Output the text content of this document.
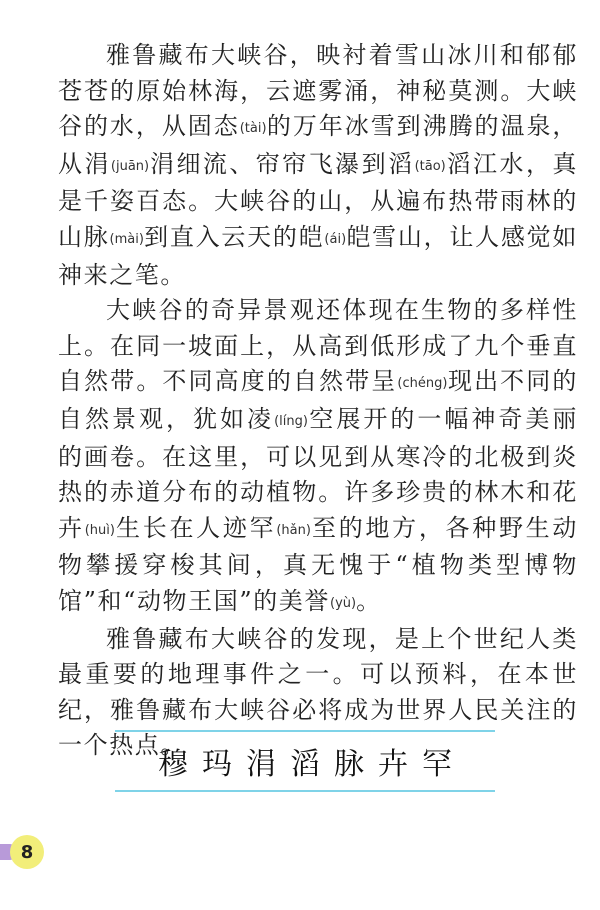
雅鲁藏布大峡谷，映衬着雪山冰川和郁郁苍苍的原始林海，云遮雾涌，神秘莫测。大峡谷的水，从固态(tài)的万年冰雪到沸腾的温泉，从涓(juān)涓细流、帘帘飞瀑到滔(tāo)滔江水，真是千姿百态。大峡谷的山，从遍布热带雨林的山脉(mài)到直入云天的皑(ái)皑雪山，让人感觉如神来之笔。

大峡谷的奇异景观还体现在生物的多样性上。在同一坡面上，从高到低形成了九个垂直自然带。不同高度的自然带呈(chéng)现出不同的自然景观，犹如凌(líng)空展开的一幅神奇美丽的画卷。在这里，可以见到从寒冷的北极到炎热的赤道分布的动植物。许多珍贵的林木和花卉(huì)生长在人迹罕(hǎn)至的地方，各种野生动物攀援穿梭其间，真无愧于“植物类型博物馆”和“动物王国”的美誉(yù)。

雅鲁藏布大峡谷的发现，是上个世纪人类最重要的地理事件之一。可以预料，在本世纪，雅鲁藏布大峡谷必将成为世界人民关注的一个热点。

穆玛涓滔脉卉罕
8
